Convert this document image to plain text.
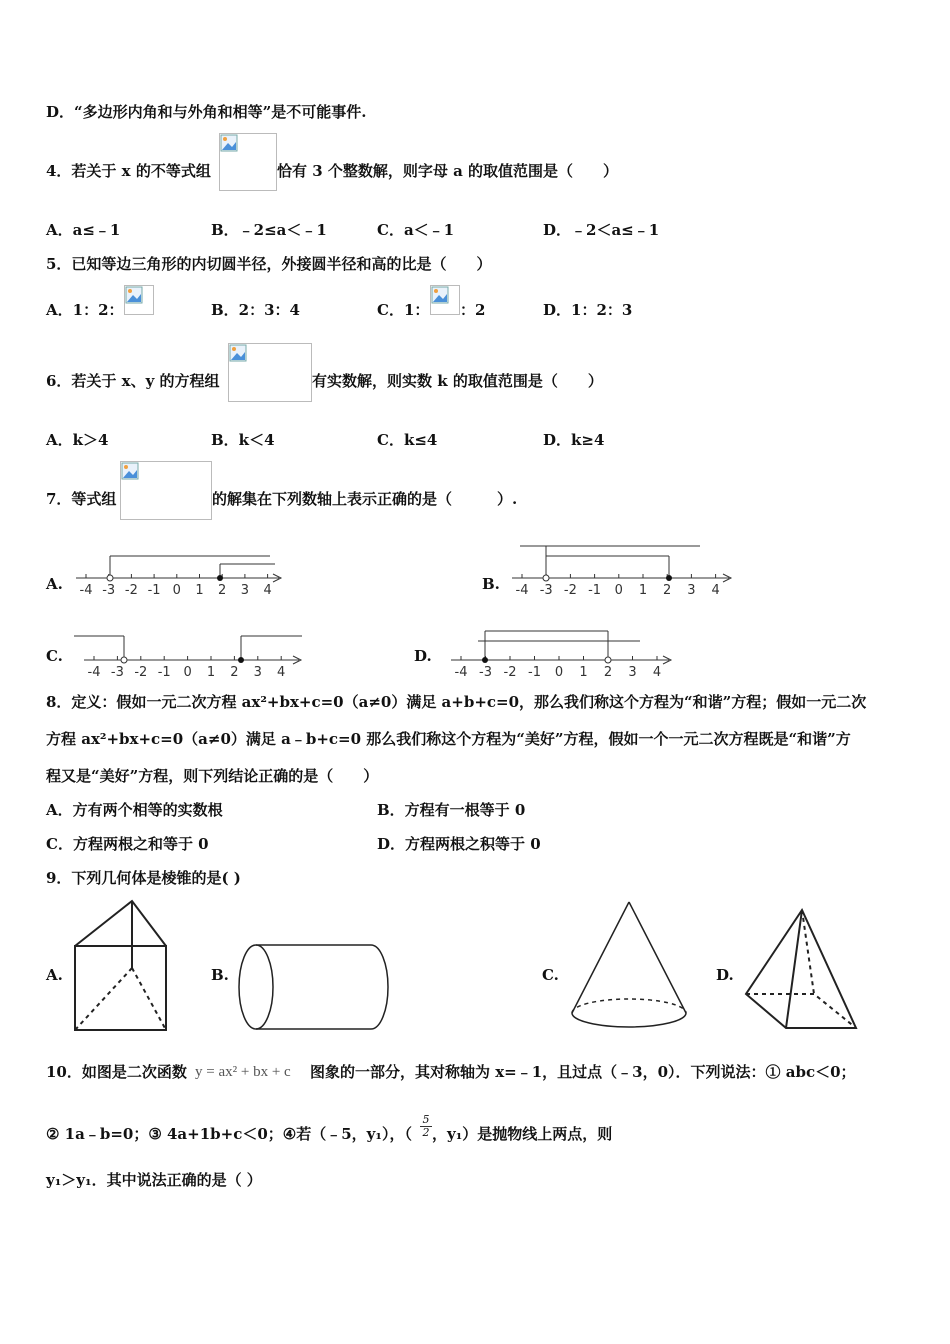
D．“多边形内角和与外角和相等”是不可能事件.
4．若关于 x 的不等式组	恰有 3 个整数解，则字母 a 的取值范围是（　　）
A．a≤﹣1	B．﹣2≤a＜﹣1	C．a＜﹣1	D．﹣2＜a≤﹣1
5．已知等边三角形的内切圆半径，外接圆半径和高的比是（　　）
A．1：2：	B．2：3：4	C．1： ：2	D．1：2：3
6．若关于 x、y 的方程组	有实数解，则实数 k 的取值范围是（　　）
A．k＞4	B．k＜4	C．k≤4	D．k≥4
7．等式组	的解集在下列数轴上表示正确的是（　　　）.
A. -4 -3 -2 -1 0 1 2 3 4	B. -4 -3 -2 -1 0 1 2 3 4
C.
-4 -3 -2 -1 0 1 2 3 4
D.
-4 -3 -2 -1 0 1 2 3 4
8．定义：假如一元二次方程 ax²+bx+c=0（a≠0）满足 a+b+c=0，那么我们称这个方程为“和谐”方程；假如一元二次
方程 ax²+bx+c=0（a≠0）满足 a﹣b+c=0 那么我们称这个方程为“美好”方程，假如一个一元二次方程既是“和谐”方
程又是“美好”方程，则下列结论正确的是（　　）
A．方有两个相等的实数根	B．方程有一根等于 0
C．方程两根之和等于 0	D．方程两根之积等于 0
9．下列几何体是棱锥的是( )
A.	B.	C.	D.
10．如图是二次函数 y = ax² + bx + c 图象的一部分，其对称轴为 x=﹣1，且过点（﹣3，0）．下列说法：① abc＜0；
② 1a﹣b=0；③ 4a+1b+c＜0；④若（﹣5，y₁），（ $\frac{5}{2}$ ，y₁）是抛物线上两点，则
y₁＞y₁．其中说法正确的是（ ）
